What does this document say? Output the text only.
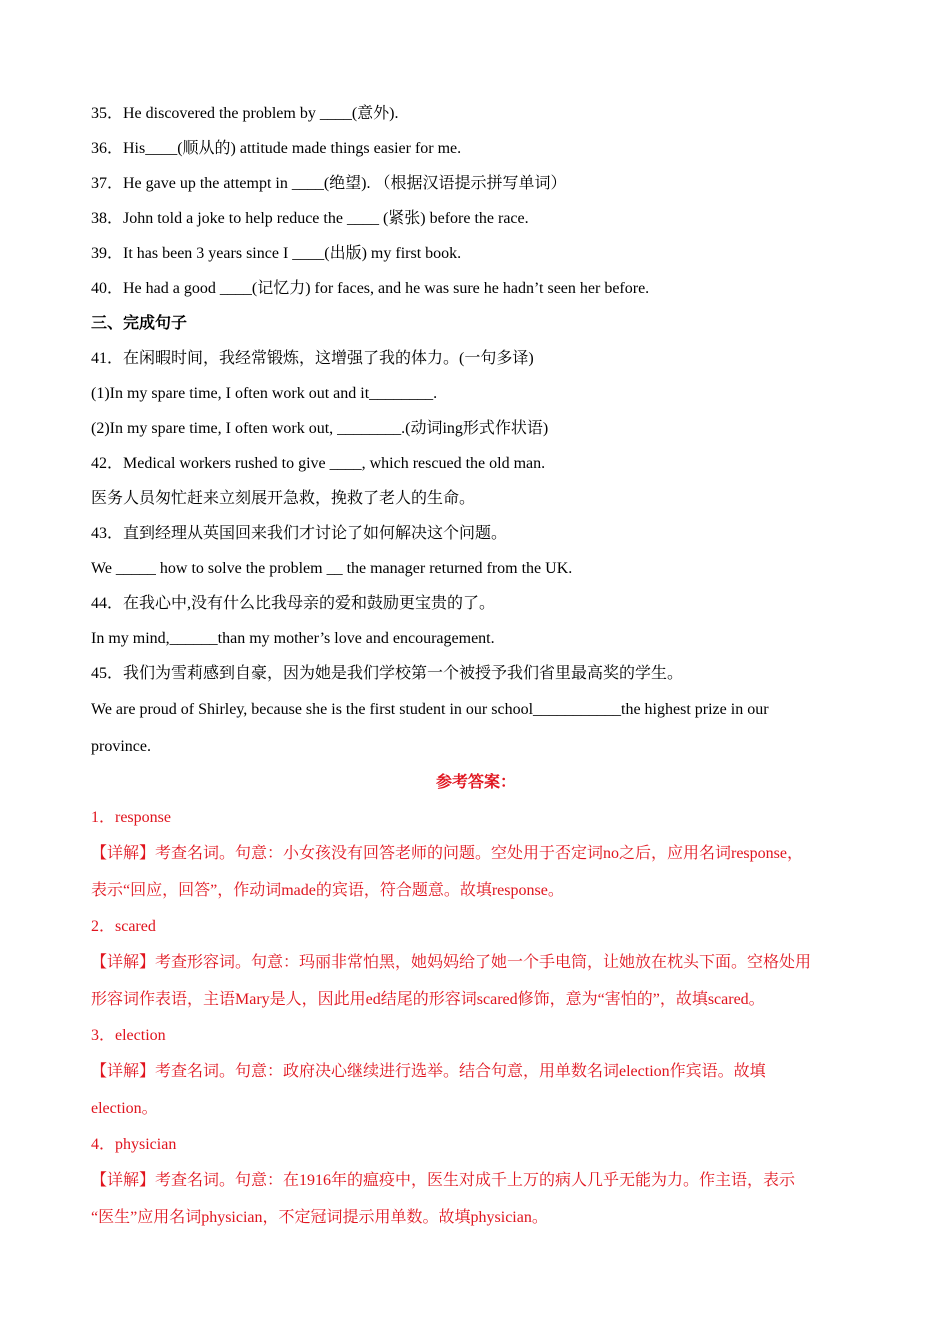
35．He discovered the problem by ____(意外).
36．His____(顺从的) attitude made things easier for me.
37．He gave up the attempt in ____(绝望). （根据汉语提示拼写单词）
38．John told a joke to help reduce the ____ (紧张) before the race.
39．It has been 3 years since I ____(出版) my first book.
40．He had a good ____(记忆力) for faces, and he was sure he hadn’t seen her before.
三、完成句子
41．在闲暇时间，我经常锻炼，这增强了我的体力。(一句多译)
(1)In my spare time, I often work out and it________.
(2)In my spare time, I often work out, ________.(动词ing形式作状语)
42．Medical workers rushed to give ____, which rescued the old man.
医务人员匆忙赶来立刻展开急救，挽救了老人的生命。
43．直到经理从英国回来我们才讨论了如何解决这个问题。
We _____ how to solve the problem __ the manager returned from the UK.
44．在我心中,没有什么比我母亲的爱和鼓励更宝贵的了。
In my mind,______than my mother’s love and encouragement.
45．我们为雪莉感到自豪，因为她是我们学校第一个被授予我们省里最高奖的学生。
We are proud of Shirley, because she is the first student in our school___________the highest prize in our
province.
参考答案：
1．response
【详解】考查名词。句意：小女孩没有回答老师的问题。空处用于否定词no之后，应用名词response，
表示“回应，回答”，作动词made的宾语，符合题意。故填response。
2．scared
【详解】考查形容词。句意：玛丽非常怕黑，她妈妈给了她一个手电筒，让她放在枕头下面。空格处用
形容词作表语，主语Mary是人，因此用ed结尾的形容词scared修饰，意为“害怕的”，故填scared。
3．election
【详解】考查名词。句意：政府决心继续进行选举。结合句意，用单数名词election作宾语。故填
election。
4．physician
【详解】考查名词。句意：在1916年的瘟疫中，医生对成千上万的病人几乎无能为力。作主语，表示
“医生”应用名词physician，不定冠词提示用单数。故填physician。
